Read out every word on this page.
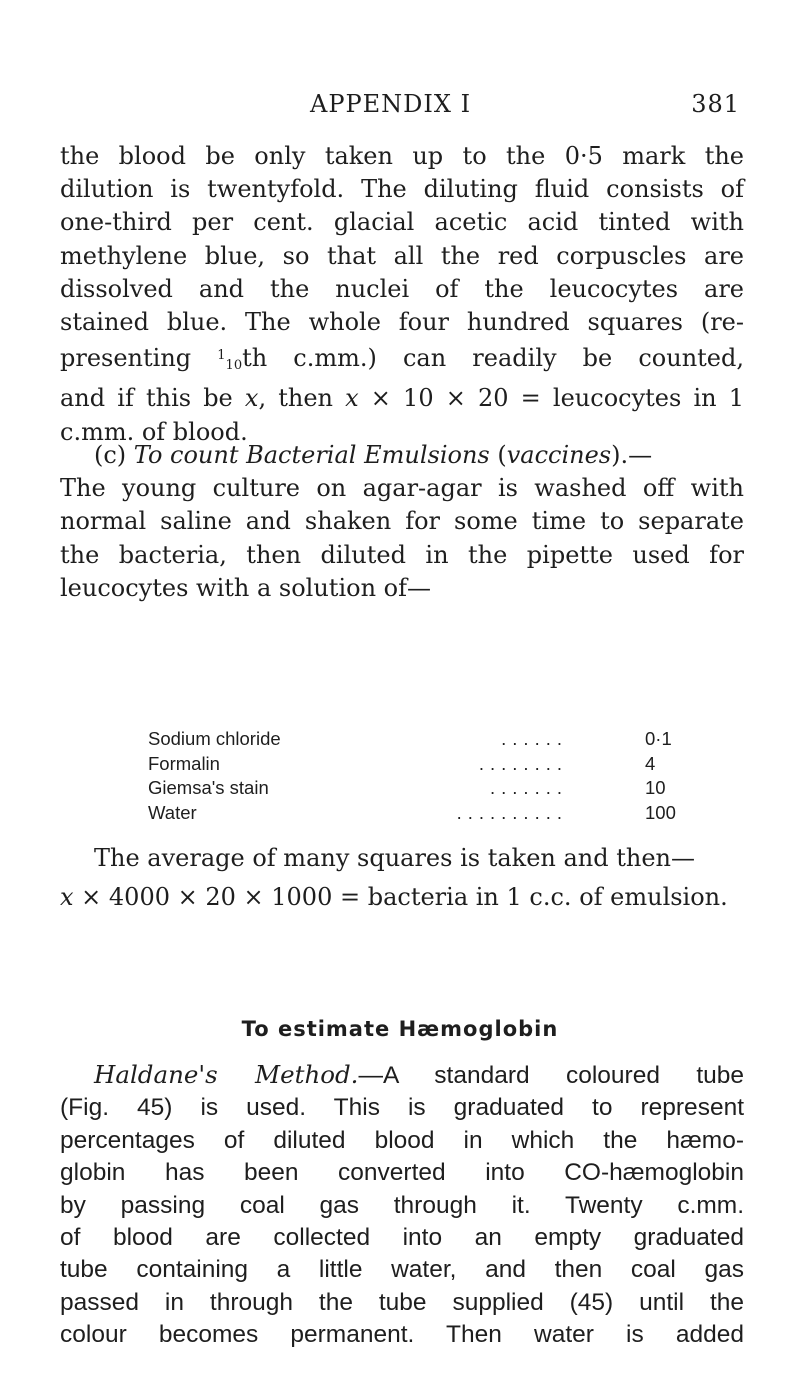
APPENDIX I	381
the blood be only taken up to the 0·5 mark the
dilution is twentyfold. The diluting fluid consists of
one-third per cent. glacial acetic acid tinted with
methylene blue, so that all the red corpuscles are
dissolved and the nuclei of the leucocytes are
stained blue. The whole four hundred squares (re-
presenting $^1$10th c.mm.) can readily be counted,
and if this be x, then x × 10 × 20 = leucocytes in 1
c.mm. of blood.
(c) To count Bacterial Emulsions (vaccines).—
The young culture on agar-agar is washed off with
normal saline and shaken for some time to separate
the bacteria, then diluted in the pipette used for
leucocytes with a solution of—
Sodium chloride	......	0·1
Formalin	........	4
Giemsa's stain	.......	10
Water	..........	100
The average of many squares is taken and then—
x × 4000 × 20 × 1000 = bacteria in 1 c.c. of emulsion.
To estimate Hæmoglobin
Haldane's Method.—A standard coloured tube
(Fig. 45) is used. This is graduated to represent
percentages of diluted blood in which the hæmo-
globin has been converted into CO-hæmoglobin
by passing coal gas through it. Twenty c.mm.
of blood are collected into an empty graduated
tube containing a little water, and then coal gas
passed in through the tube supplied (45) until the
colour becomes permanent. Then water is added
